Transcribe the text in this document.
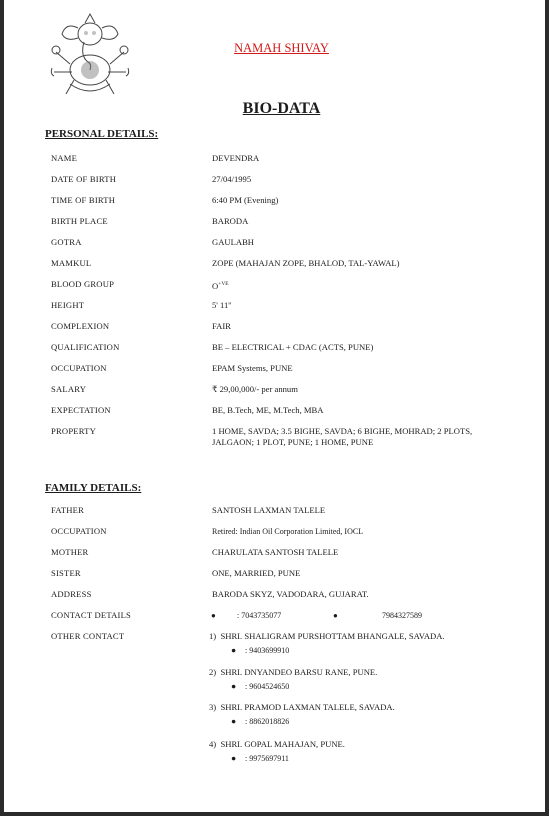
NAMAH SHIVAY
BIO-DATA
PERSONAL DETAILS:
NAME	DEVENDRA
DATE OF BIRTH	27/04/1995
TIME OF BIRTH	6:40 PM (Evening)
BIRTH PLACE	BARODA
GOTRA	GAULABH
MAMKUL	ZOPE (MAHAJAN ZOPE, BHALOD, TAL-YAWAL)
BLOOD GROUP	$O^{+VE}$
HEIGHT	5' 11''
COMPLEXION	FAIR
QUALIFICATION	BE – ELECTRICAL + CDAC (ACTS, PUNE)
OCCUPATION	EPAM Systems, PUNE
SALARY	₹ 29,00,000/- per annum
EXPECTATION	BE, B.Tech, ME, M.Tech, MBA
PROPERTY	1 HOME, SAVDA; 3.5 BIGHE, SAVDA; 6 BIGHE, MOHRAD; 2 PLOTS, JALGAON; 1 PLOT, PUNE; 1 HOME, PUNE
FAMILY DETAILS:
FATHER	SANTOSH LAXMAN TALELE
OCCUPATION	Retired: Indian Oil Corporation Limited, IOCL
MOTHER	CHARULATA SANTOSH TALELE
SISTER	ONE, MARRIED, PUNE
ADDRESS	BARODA SKYZ, VADODARA, GUJARAT.
CONTACT DETAILS	●	: 7043735077	●	7984327589
OTHER CONTACT	1) SHRI. SHALIGRAM PURSHOTTAM BHANGALE, SAVADA.
● : 9403699910
2) SHRI. DNYANDEO BARSU RANE, PUNE.
● : 9604524650
3) SHRI. PRAMOD LAXMAN TALELE, SAVADA.
● : 8862018826
4) SHRI. GOPAL MAHAJAN, PUNE.
● : 9975697911
